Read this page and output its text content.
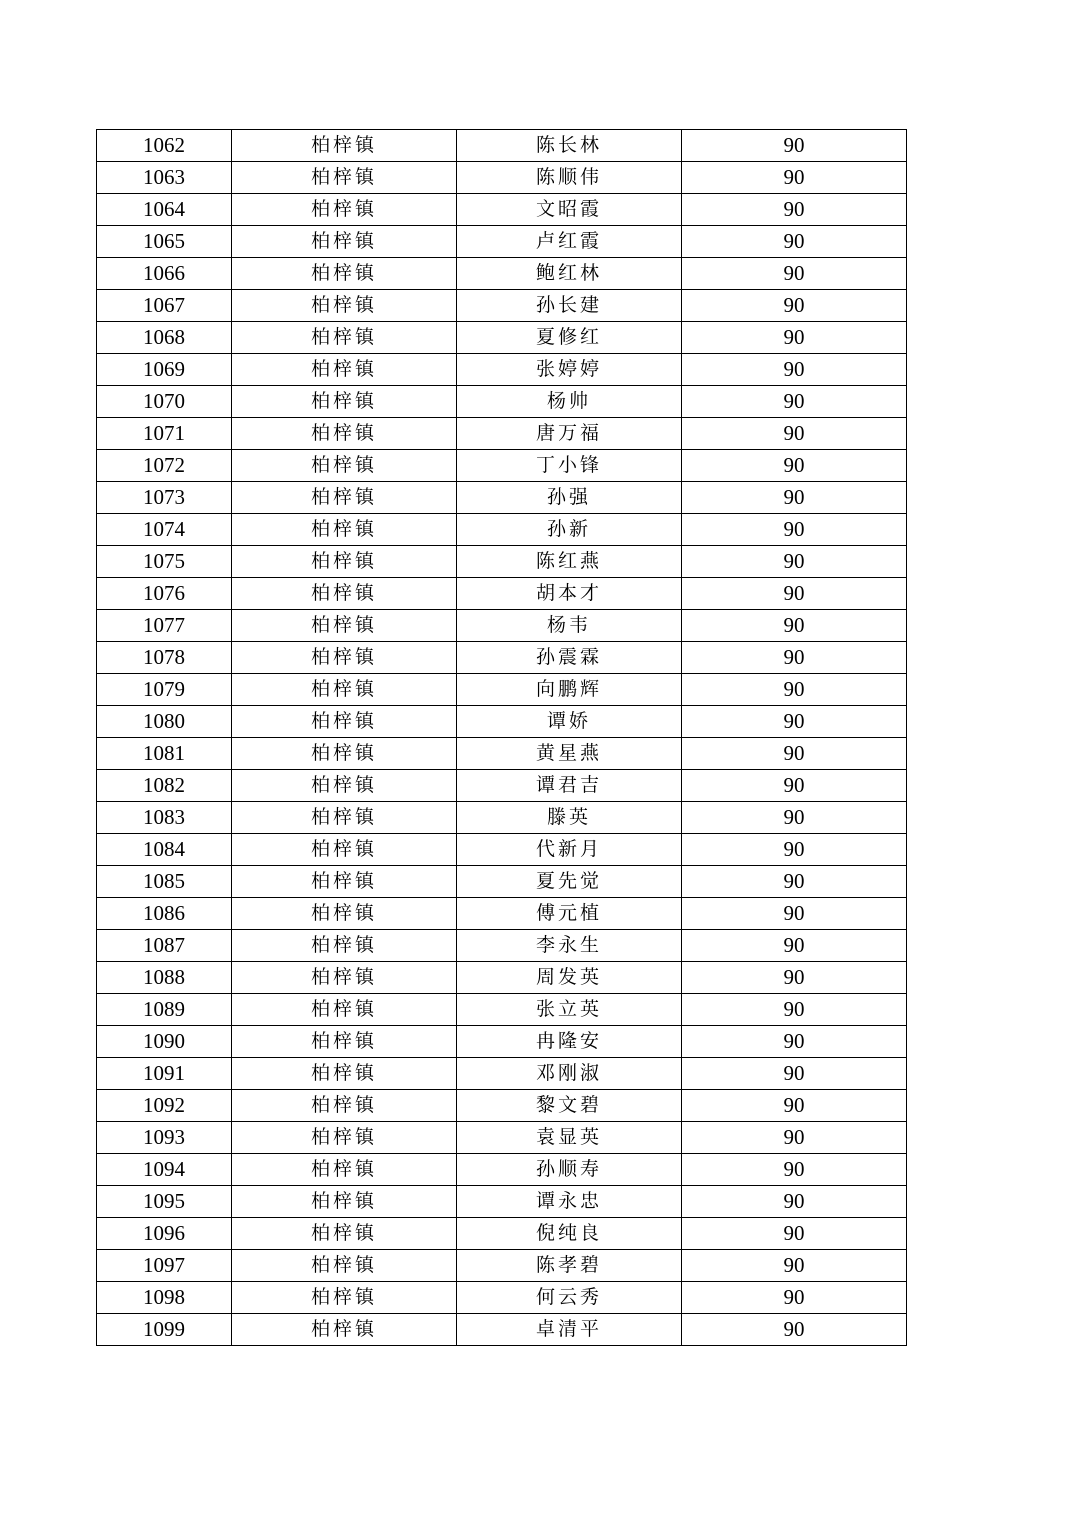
1062	柏梓镇	陈长林	90
1063	柏梓镇	陈顺伟	90
1064	柏梓镇	文昭霞	90
1065	柏梓镇	卢红霞	90
1066	柏梓镇	鲍红林	90
1067	柏梓镇	孙长建	90
1068	柏梓镇	夏修红	90
1069	柏梓镇	张婷婷	90
1070	柏梓镇	杨帅	90
1071	柏梓镇	唐万福	90
1072	柏梓镇	丁小锋	90
1073	柏梓镇	孙强	90
1074	柏梓镇	孙新	90
1075	柏梓镇	陈红燕	90
1076	柏梓镇	胡本才	90
1077	柏梓镇	杨韦	90
1078	柏梓镇	孙震霖	90
1079	柏梓镇	向鹏辉	90
1080	柏梓镇	谭娇	90
1081	柏梓镇	黄星燕	90
1082	柏梓镇	谭君吉	90
1083	柏梓镇	滕英	90
1084	柏梓镇	代新月	90
1085	柏梓镇	夏先觉	90
1086	柏梓镇	傅元植	90
1087	柏梓镇	李永生	90
1088	柏梓镇	周发英	90
1089	柏梓镇	张立英	90
1090	柏梓镇	冉隆安	90
1091	柏梓镇	邓刚淑	90
1092	柏梓镇	黎文碧	90
1093	柏梓镇	袁显英	90
1094	柏梓镇	孙顺寿	90
1095	柏梓镇	谭永忠	90
1096	柏梓镇	倪纯良	90
1097	柏梓镇	陈孝碧	90
1098	柏梓镇	何云秀	90
1099	柏梓镇	卓清平	90
